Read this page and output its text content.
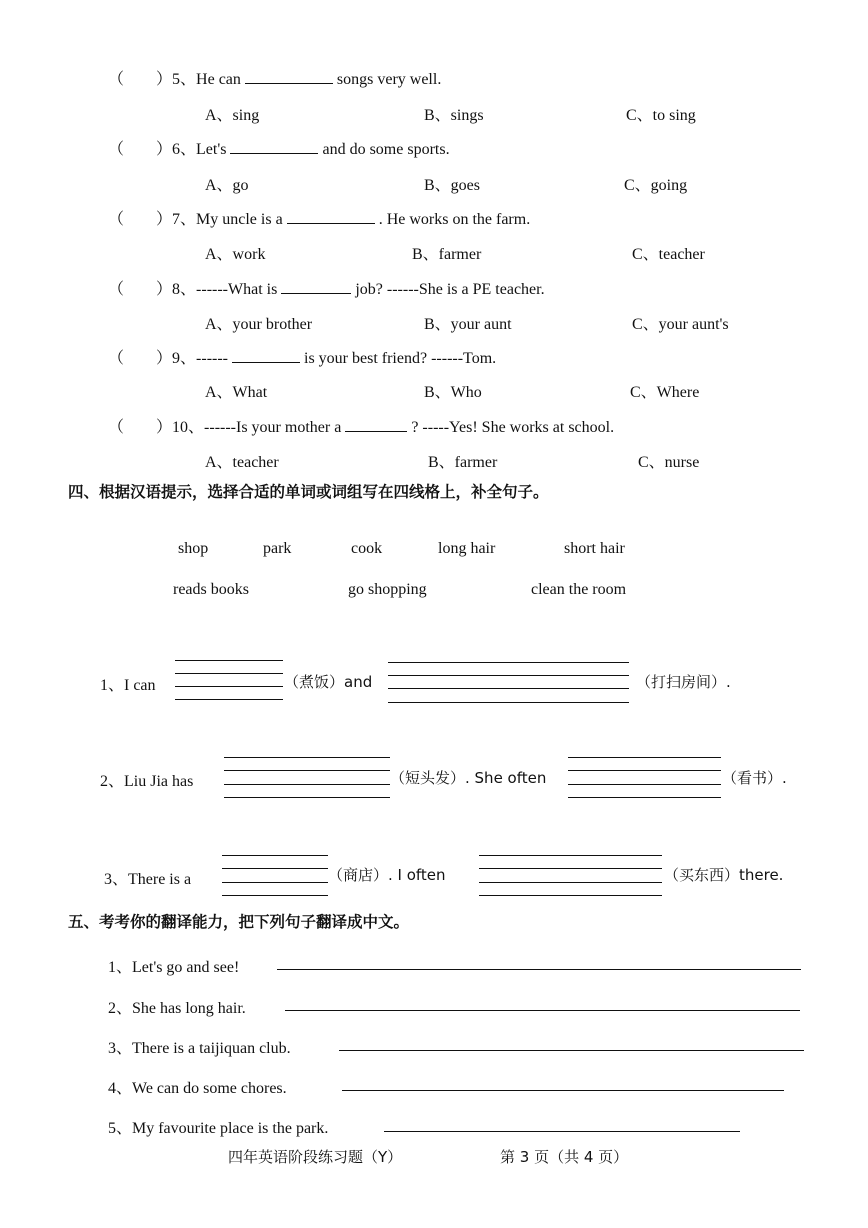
（ ）5、He can	songs very well.
A、sing	B、sings	C、to sing
（ ）6、Let's	and do some sports.
A、go	B、goes	C、going
（ ）7、My uncle is a	. He works on the farm.
A、work	B、farmer	C、teacher
（ ）8、------What is	job? ------She is a PE teacher.
A、your brother	B、your aunt	C、your aunt's
（ ）9、------	is your best friend? ------Tom.
A、What	B、Who	C、Where
（ ）10、------Is your mother a	? -----Yes! She works at school.
A、teacher	B、farmer	C、nurse
四、根据汉语提示，选择合适的单词或词组写在四线格上，补全句子。
shop	park	cook	long hair	short hair
reads books	go shopping	clean the room
1、I can	（煮饭）and	（打扫房间）.
2、Liu Jia has	（短头发）. She often	（看书）.
3、There is a	（商店）. I often	（买东西）there.
五、考考你的翻译能力，把下列句子翻译成中文。
1、Let's go and see!
2、She has long hair.
3、There is a taijiquan club.
4、We can do some chores.
5、My favourite place is the park.
四年英语阶段练习题（Y）	第 3 页（共 4 页）
